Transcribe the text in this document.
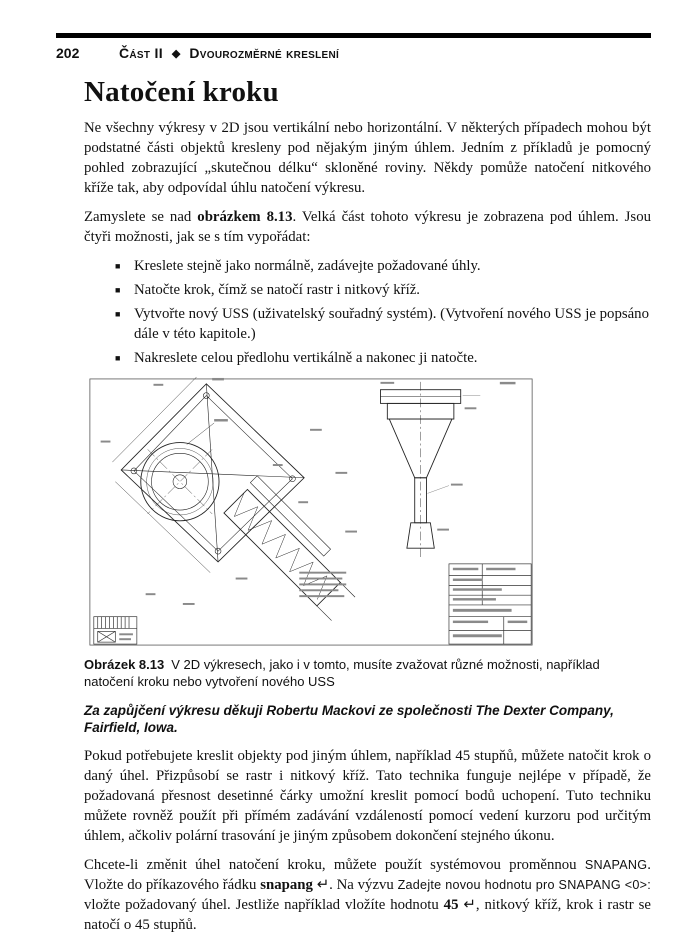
202	Část II ◆ Dvourozměrné kreslení
Natočení kroku

Ne všechny výkresy v 2D jsou vertikální nebo horizontální. V některých případech mohou být podstatné části objektů kresleny pod nějakým jiným úhlem. Jedním z příkladů je pomocný pohled zobrazující „skutečnou délku“ skloněné roviny. Někdy pomůže natočení nitkového kříže tak, aby odpovídal úhlu natočení výkresu.

Zamyslete se nad obrázkem 8.13. Velká část tohoto výkresu je zobrazena pod úhlem. Jsou čtyři možnosti, jak se s tím vypořádat:

■
Kreslete stejně jako normálně, zadávejte požadované úhly.
■
Natočte krok, čímž se natočí rastr i nitkový kříž.
■
Vytvořte nový USS (uživatelský souřadný systém). (Vytvoření nového USS je popsáno dále v této kapitole.)
■
Nakreslete celou předlohu vertikálně a nakonec ji natočte.

Obrázek 8.13 V 2D výkresech, jako i v tomto, musíte zvažovat různé možnosti, například natočení kroku nebo vytvoření nového USS

Za zapůjčení výkresu děkuji Robertu Mackovi ze společnosti The Dexter Company, Fairfield, Iowa.

Pokud potřebujete kreslit objekty pod jiným úhlem, například 45 stupňů, můžete natočit krok o daný úhel. Přizpůsobí se rastr i nitkový kříž. Tato technika funguje nejlépe v případě, že požadovaná přesnost desetinné čárky umožní kreslit pomocí bodů uchopení. Tuto techniku můžete rovněž použít při přímém zadávání vzdáleností pomocí vedení kurzoru pod určitým úhlem, ačkoliv polární trasování je jiným způsobem dokončení stejného úkonu.

Chcete-li změnit úhel natočení kroku, můžete použít systémovou proměnnou SNAPANG. Vložte do příkazového řádku snapang ↵. Na výzvu Zadejte novou hodnotu pro SNAPANG <0>: vložte požadovaný úhel. Jestliže například vložíte hodnotu 45 ↵, nitkový kříž, krok i rastr se natočí o 45 stupňů.
